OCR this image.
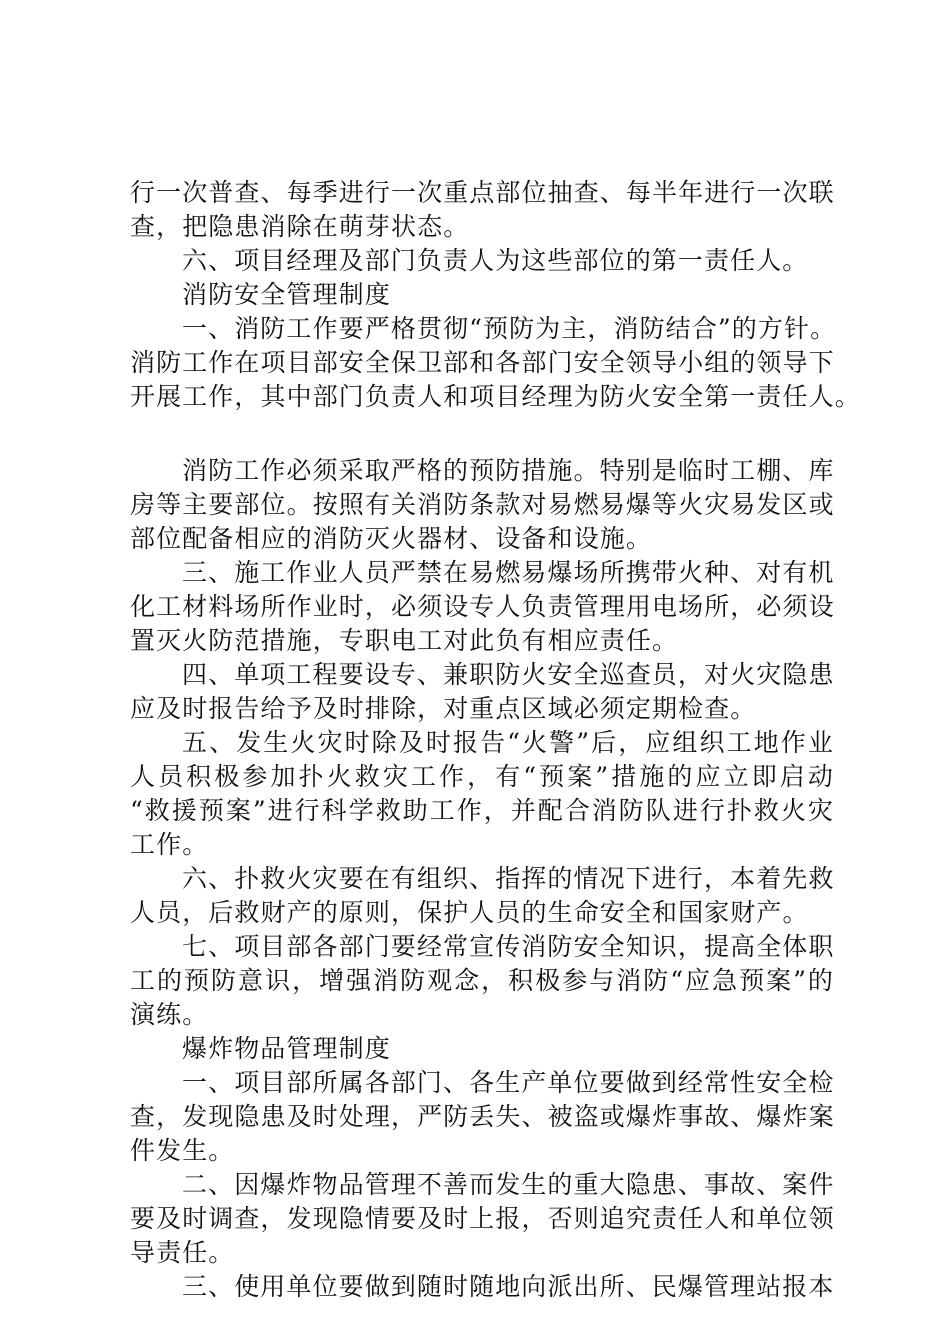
行一次普查、每季进行一次重点部位抽查、每半年进行一次联
查，把隐患消除在萌芽状态。
六、项目经理及部门负责人为这些部位的第一责任人。
消防安全管理制度
一、消防工作要严格贯彻“预防为主，消防结合”的方针。
消防工作在项目部安全保卫部和各部门安全领导小组的领导下
开展工作，其中部门负责人和项目经理为防火安全第一责任人。
消防工作必须采取严格的预防措施。特别是临时工棚、库
房等主要部位。按照有关消防条款对易燃易爆等火灾易发区或
部位配备相应的消防灭火器材、设备和设施。
三、施工作业人员严禁在易燃易爆场所携带火种、对有机
化工材料场所作业时，必须设专人负责管理用电场所，必须设
置灭火防范措施，专职电工对此负有相应责任。
四、单项工程要设专、兼职防火安全巡查员，对火灾隐患
应及时报告给予及时排除，对重点区域必须定期检查。
五、发生火灾时除及时报告“火警”后，应组织工地作业
人员积极参加扑火救灾工作，有“预案”措施的应立即启动
“救援预案”进行科学救助工作，并配合消防队进行扑救火灾
工作。
六、扑救火灾要在有组织、指挥的情况下进行，本着先救
人员，后救财产的原则，保护人员的生命安全和国家财产。
七、项目部各部门要经常宣传消防安全知识，提高全体职
工的预防意识，增强消防观念，积极参与消防“应急预案”的
演练。
爆炸物品管理制度
一、项目部所属各部门、各生产单位要做到经常性安全检
查，发现隐患及时处理，严防丢失、被盗或爆炸事故、爆炸案
件发生。
二、因爆炸物品管理不善而发生的重大隐患、事故、案件
要及时调查，发现隐情要及时上报，否则追究责任人和单位领
导责任。
三、使用单位要做到随时随地向派出所、民爆管理站报本
